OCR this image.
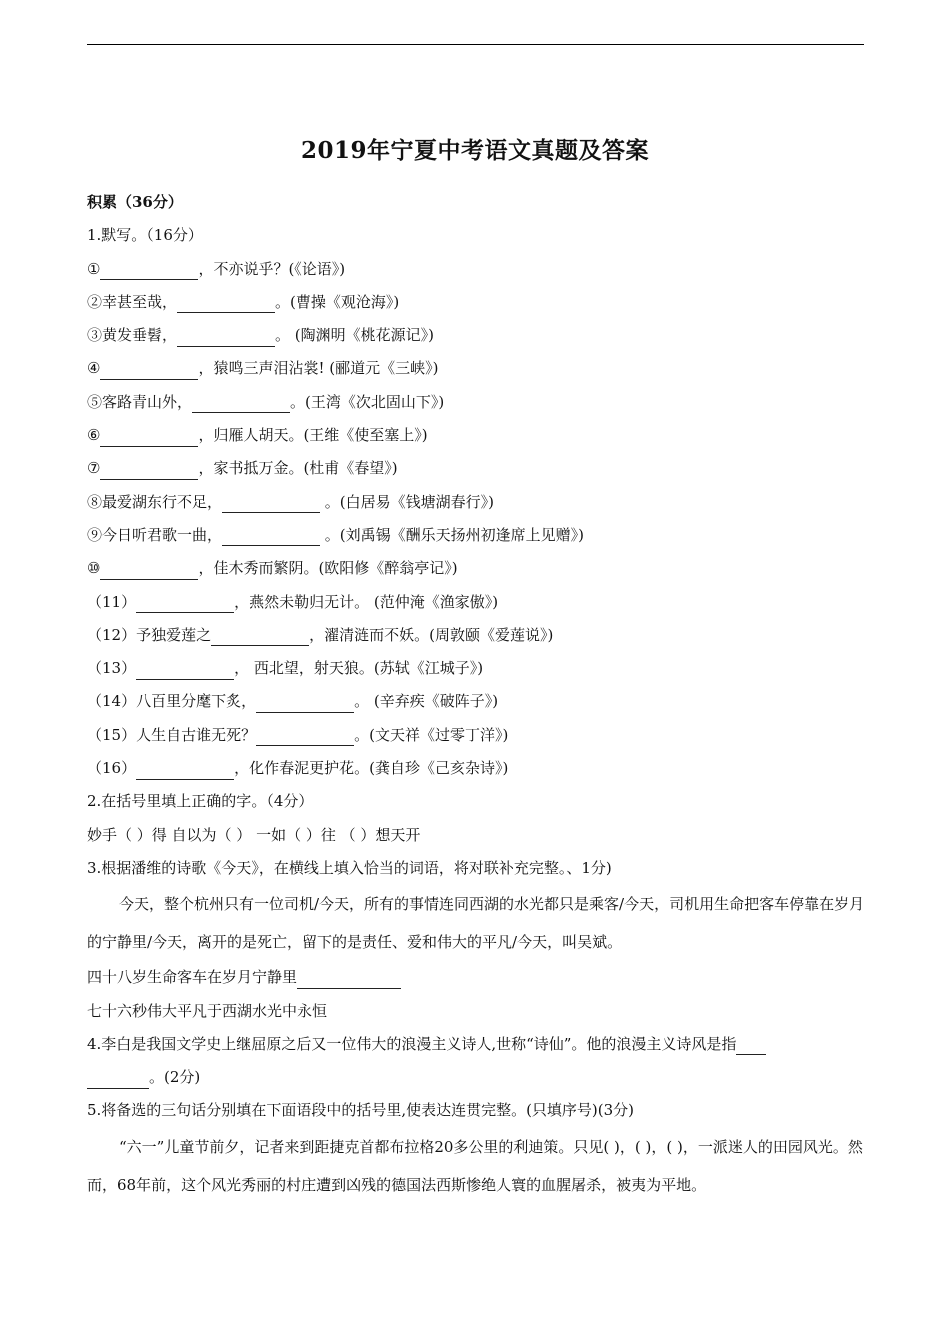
2019年宁夏中考语文真题及答案
积累（36分）
1.默写。（16分）
①	，不亦说乎？(《论语》)
②幸甚至哉，	。(曹操《观沧海》)
③黄发垂髫，	。 (陶渊明《桃花源记》)
④	，猿鸣三声泪沾裳! (郦道元《三峡》)
⑤客路青山外，	。(王湾《次北固山下》)
⑥	，归雁人胡天。(王维《使至塞上》)
⑦	，家书抵万金。(杜甫《春望》)
⑧最爱湖东行不足，	。(白居易《钱塘湖春行》)
⑨今日听君歌一曲，	。(刘禹锡《酬乐天扬州初逢席上见赠》)
⑩	，佳木秀而繁阴。(欧阳修《醉翁亭记》)
（11）	，燕然未勒归无计。 (范仲淹《渔家傲》)
（12）予独爱莲之	，濯清涟而不妖。(周敦颐《爱莲说》)
（13）	， 西北望，射天狼。(苏轼《江城子》)
（14）八百里分麾下炙，	。 (辛弃疾《破阵子》)
（15）人生自古谁无死？	。(文天祥《过零丁洋》)
（16）	，化作春泥更护花。(龚自珍《己亥杂诗》)
2.在括号里填上正确的字。（4分）
妙手（ ）得 自以为（ ） 一如（ ）往 （ ）想天开
3.根据潘维的诗歌《今天》，在横线上填入恰当的词语，将对联补充完整。、1分)
今天，整个杭州只有一位司机/今天，所有的事情连同西湖的水光都只是乘客/今天，司机用生命把客车停靠在岁月的宁静里/今天，离开的是死亡，留下的是责任、爱和伟大的平凡/今天，叫吴斌。
四十八岁生命客车在岁月宁静里
七十六秒伟大平凡于西湖水光中永恒
4.李白是我国文学史上继屈原之后又一位伟大的浪漫主义诗人,世称“诗仙”。他的浪漫主义诗风是指
。(2分)
5.将备选的三句话分别填在下面语段中的括号里,使表达连贯完整。(只填序号)(3分)
“六一”儿童节前夕，记者来到距捷克首都布拉格20多公里的利迪策。只见( )，( )，( )，一派迷人的田园风光。然而，68年前，这个风光秀丽的村庄遭到凶残的德国法西斯惨绝人寰的血腥屠杀，被夷为平地。
